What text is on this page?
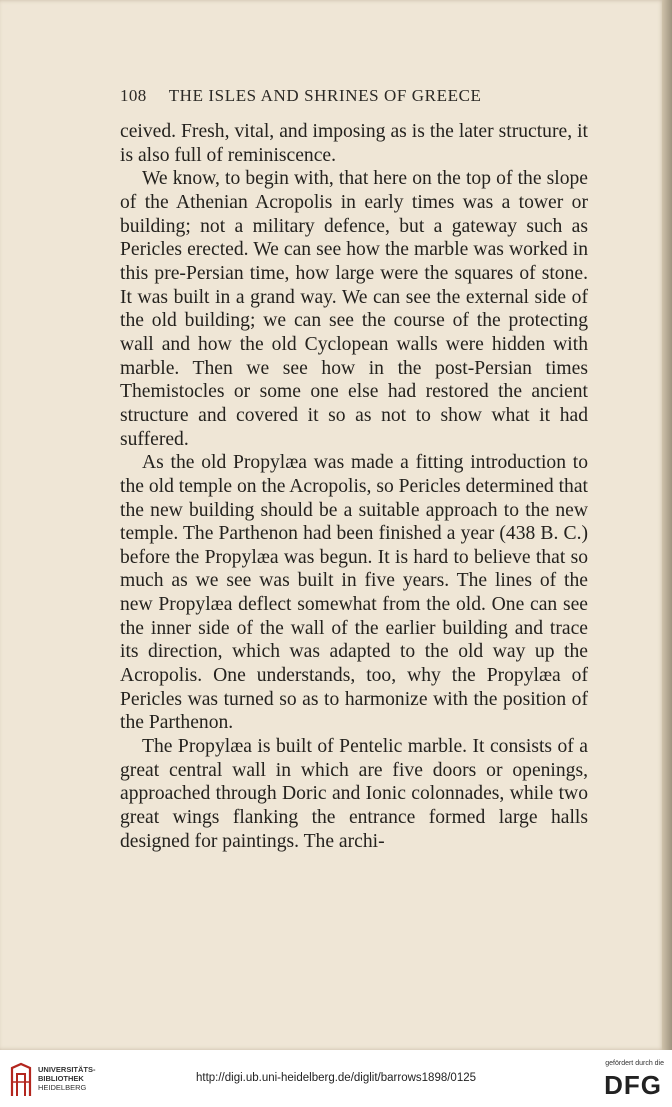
108 THE ISLES AND SHRINES OF GREECE

ceived. Fresh, vital, and imposing as is the later structure, it is also full of reminiscence.

We know, to begin with, that here on the top of the slope of the Athenian Acropolis in early times was a tower or building; not a military defence, but a gateway such as Pericles erected. We can see how the marble was worked in this pre-Persian time, how large were the squares of stone. It was built in a grand way. We can see the external side of the old building; we can see the course of the protecting wall and how the old Cyclopean walls were hidden with marble. Then we see how in the post-Persian times Themistocles or some one else had restored the ancient structure and covered it so as not to show what it had suffered.

As the old Propylæa was made a fitting introduction to the old temple on the Acropolis, so Pericles determined that the new building should be a suitable approach to the new temple. The Parthenon had been finished a year (438 B. C.) before the Propylæa was begun. It is hard to believe that so much as we see was built in five years. The lines of the new Propylæa deflect somewhat from the old. One can see the inner side of the wall of the earlier building and trace its direction, which was adapted to the old way up the Acropolis. One understands, too, why the Propylæa of Pericles was turned so as to harmonize with the position of the Parthenon.

The Propylæa is built of Pentelic marble. It consists of a great central wall in which are five doors or openings, approached through Doric and Ionic colonnades, while two great wings flanking the entrance formed large halls designed for paintings. The archi-

UNIVERSITÄTS-
BIBLIOTHEK
HEIDELBERG
http://digi.ub.uni-heidelberg.de/diglit/barrows1898/0125
gefördert durch die
DFG
